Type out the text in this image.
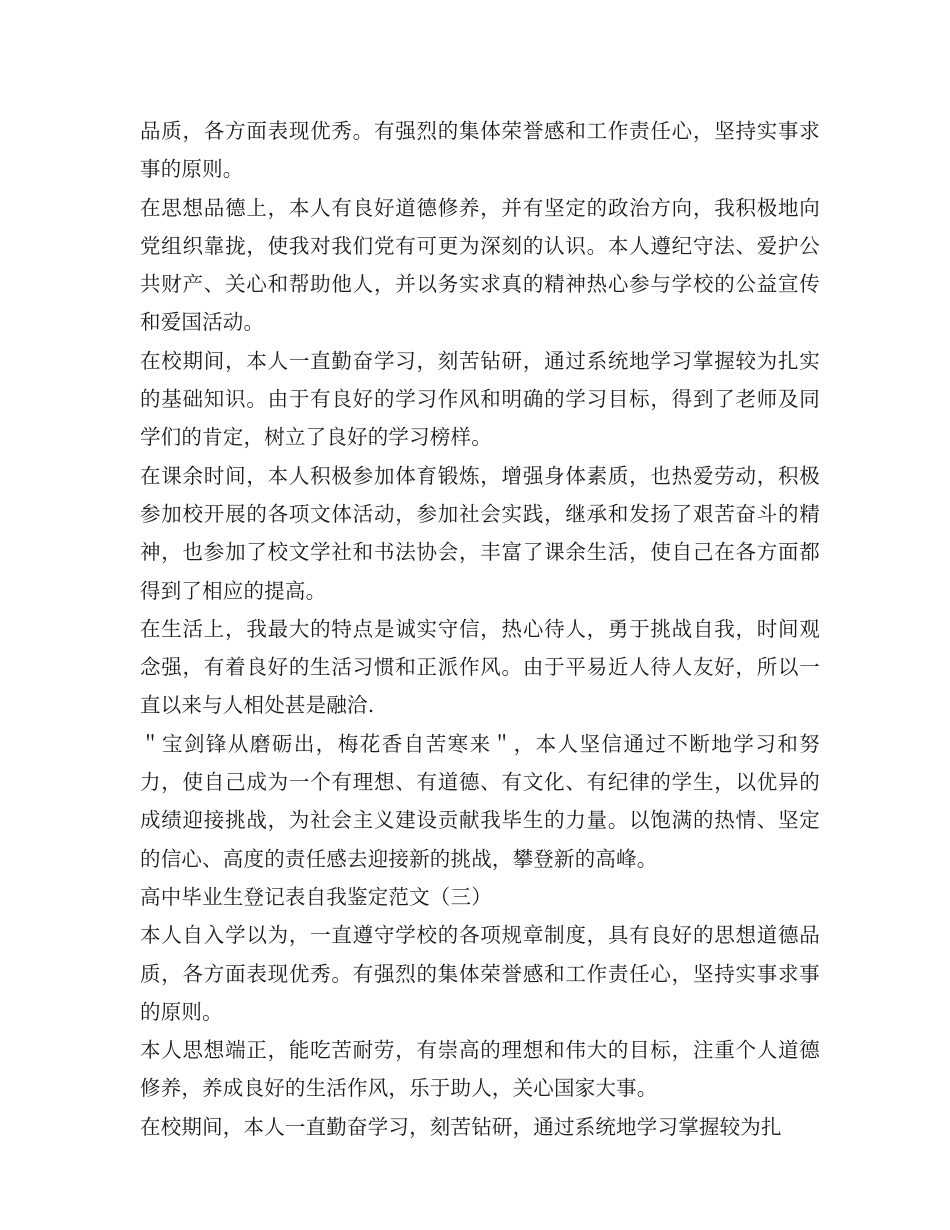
品质，各方面表现优秀。有强烈的集体荣誉感和工作责任心，坚持实事求事的原则。

在思想品德上，本人有良好道德修养，并有坚定的政治方向，我积极地向党组织靠拢，使我对我们党有可更为深刻的认识。本人遵纪守法、爱护公共财产、关心和帮助他人，并以务实求真的精神热心参与学校的公益宣传和爱国活动。

在校期间，本人一直勤奋学习，刻苦钻研，通过系统地学习掌握较为扎实的基础知识。由于有良好的学习作风和明确的学习目标，得到了老师及同学们的肯定，树立了良好的学习榜样。

在课余时间，本人积极参加体育锻炼，增强身体素质，也热爱劳动，积极参加校开展的各项文体活动，参加社会实践，继承和发扬了艰苦奋斗的精神，也参加了校文学社和书法协会，丰富了课余生活，使自己在各方面都得到了相应的提高。

在生活上，我最大的特点是诚实守信，热心待人，勇于挑战自我，时间观念强，有着良好的生活习惯和正派作风。由于平易近人待人友好，所以一直以来与人相处甚是融洽.

＂宝剑锋从磨砺出，梅花香自苦寒来＂，本人坚信通过不断地学习和努力，使自己成为一个有理想、有道德、有文化、有纪律的学生，以优异的成绩迎接挑战，为社会主义建设贡献我毕生的力量。以饱满的热情、坚定的信心、高度的责任感去迎接新的挑战，攀登新的高峰。

高中毕业生登记表自我鉴定范文（三）

本人自入学以为，一直遵守学校的各项规章制度，具有良好的思想道德品质，各方面表现优秀。有强烈的集体荣誉感和工作责任心，坚持实事求事的原则。

本人思想端正，能吃苦耐劳，有崇高的理想和伟大的目标，注重个人道德修养，养成良好的生活作风，乐于助人，关心国家大事。

在校期间，本人一直勤奋学习，刻苦钻研，通过系统地学习掌握较为扎
